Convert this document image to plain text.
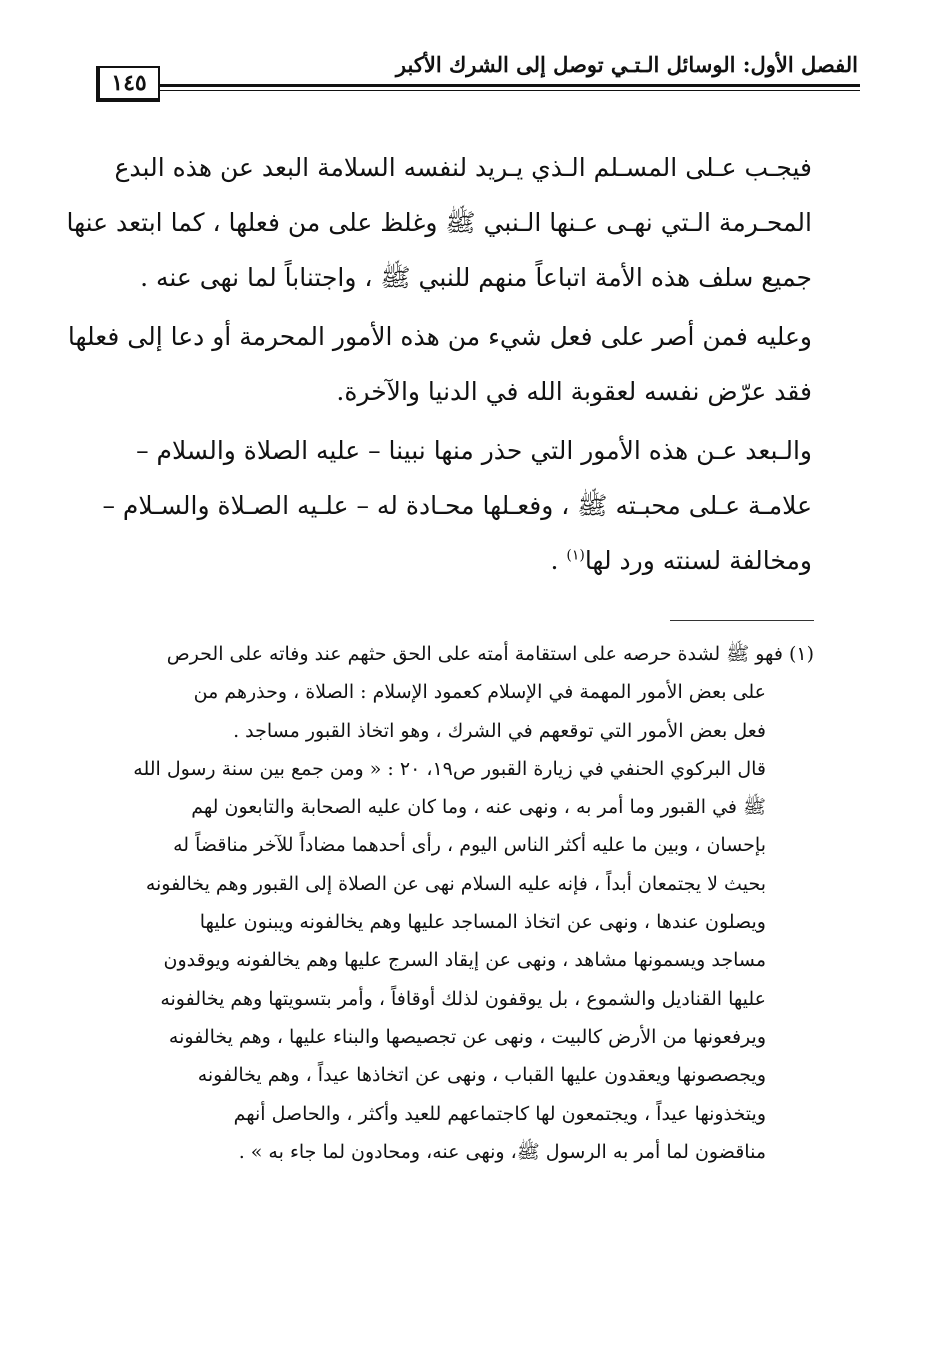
الفصل الأول: الوسائل الـتـي توصل إلى الشرك الأكبر
١٤٥

فيجـب عـلى المسـلم الـذي يـريد لنفسه السلامة البعد عن هذه البدع
المحـرمة الـتي نهـى عـنها الـنبي ﷺ وغلظ على من فعلها ، كما ابتعد عنها
جميع سلف هذه الأمة اتباعاً منهم للنبي ﷺ ، واجتناباً لما نهى عنه .

وعليه فمن أصر على فعل شيء من هذه الأمور المحرمة أو دعا إلى فعلها
فقد عرّض نفسه لعقوبة الله في الدنيا والآخرة.

والـبعد عـن هذه الأمور التي حذر منها نبينا – عليه الصلاة والسلام –
علامـة عـلى محبـته ﷺ ، وفعـلها محـادة له – علـيه الصـلاة والسـلام –
ومخالفة لسنته ورد لها$^{(١)}$ .

(١) فهو ﷺ لشدة حرصه على استقامة أمته على الحق حثهم عند وفاته على الحرص
على بعض الأمور المهمة في الإسلام كعمود الإسلام : الصلاة ، وحذرهم من
فعل بعض الأمور التي توقعهم في الشرك ، وهو اتخاذ القبور مساجد .
قال البركوي الحنفي في زيارة القبور ص١٩، ٢٠ : « ومن جمع بين سنة رسول الله
ﷺ في القبور وما أمر به ، ونهى عنه ، وما كان عليه الصحابة والتابعون لهم
بإحسان ، وبين ما عليه أكثر الناس اليوم ، رأى أحدهما مضاداً للآخر مناقضاً له
بحيث لا يجتمعان أبداً ، فإنه عليه السلام نهى عن الصلاة إلى القبور وهم يخالفونه
ويصلون عندها ، ونهى عن اتخاذ المساجد عليها وهم يخالفونه ويبنون عليها
مساجد ويسمونها مشاهد ، ونهى عن إيقاد السرج عليها وهم يخالفونه ويوقدون
عليها القناديل والشموع ، بل يوقفون لذلك أوقافاً ، وأمر بتسويتها وهم يخالفونه
ويرفعونها من الأرض كالبيت ، ونهى عن تجصيصها والبناء عليها ، وهم يخالفونه
ويجصصونها ويعقدون عليها القباب ، ونهى عن اتخاذها عيداً ، وهم يخالفونه
ويتخذونها عيداً ، ويجتمعون لها كاجتماعهم للعيد وأكثر ، والحاصل أنهم
مناقضون لما أمر به الرسول ﷺ، ونهى عنه، ومحادون لما جاء به » .
